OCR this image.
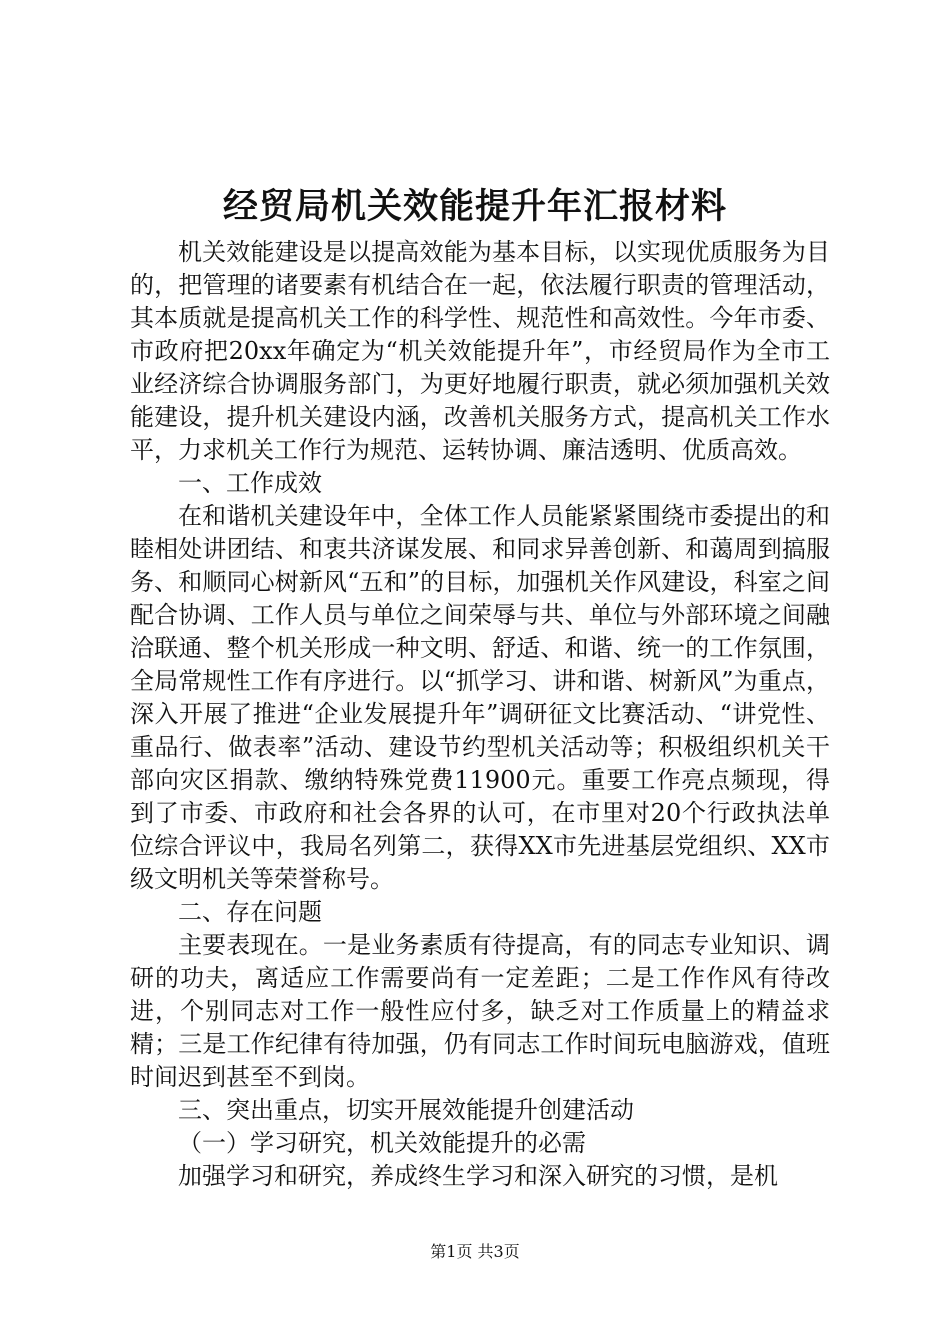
经贸局机关效能提升年汇报材料

机关效能建设是以提高效能为基本目标，以实现优质服务为目的，把管理的诸要素有机结合在一起，依法履行职责的管理活动，其本质就是提高机关工作的科学性、规范性和高效性。今年市委、市政府把20xx年确定为“机关效能提升年”，市经贸局作为全市工业经济综合协调服务部门，为更好地履行职责，就必须加强机关效能建设，提升机关建设内涵，改善机关服务方式，提高机关工作水平，力求机关工作行为规范、运转协调、廉洁透明、优质高效。

一、工作成效

在和谐机关建设年中，全体工作人员能紧紧围绕市委提出的和睦相处讲团结、和衷共济谋发展、和同求异善创新、和蔼周到搞服务、和顺同心树新风“五和”的目标，加强机关作风建设，科室之间配合协调、工作人员与单位之间荣辱与共、单位与外部环境之间融洽联通、整个机关形成一种文明、舒适、和谐、统一的工作氛围，全局常规性工作有序进行。以“抓学习、讲和谐、树新风”为重点，深入开展了推进“企业发展提升年”调研征文比赛活动、“讲党性、重品行、做表率”活动、建设节约型机关活动等；积极组织机关干部向灾区捐款、缴纳特殊党费11900元。重要工作亮点频现，得到了市委、市政府和社会各界的认可，在市里对20个行政执法单位综合评议中，我局名列第二，获得XX市先进基层党组织、XX市级文明机关等荣誉称号。

二、存在问题

主要表现在。一是业务素质有待提高，有的同志专业知识、调研的功夫，离适应工作需要尚有一定差距；二是工作作风有待改进，个别同志对工作一般性应付多，缺乏对工作质量上的精益求精；三是工作纪律有待加强，仍有同志工作时间玩电脑游戏，值班时间迟到甚至不到岗。

三、突出重点，切实开展效能提升创建活动

（一）学习研究，机关效能提升的必需

加强学习和研究，养成终生学习和深入研究的习惯，是机

第1页 共3页
